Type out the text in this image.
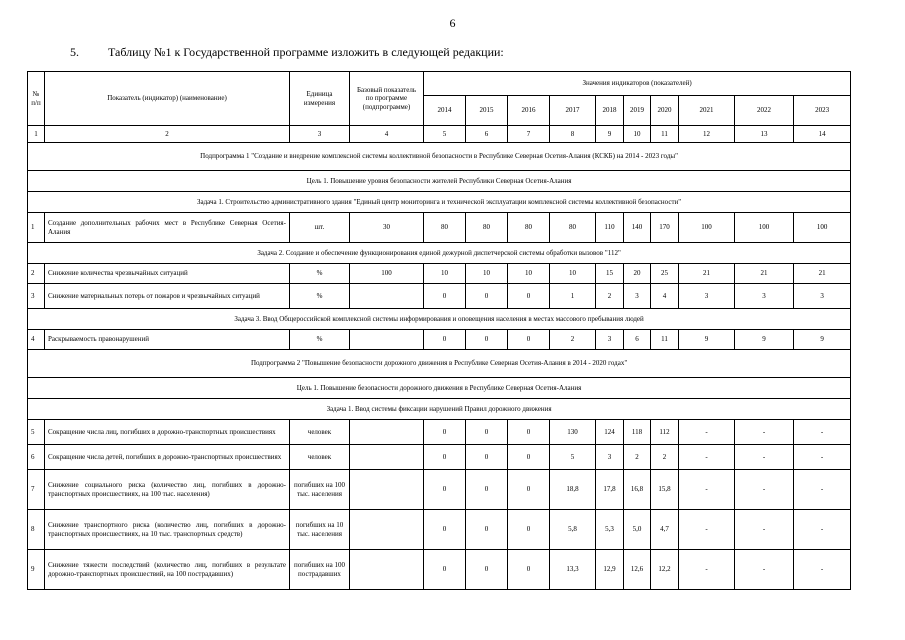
6
5. Таблицу №1 к Государственной программе изложить в следующей редакции:
№ п/п	Показатель (индикатор) (наименование)	Единица измерения	Базовый показатель по программе (подпрограмме)	Значения индикаторов (показателей)									
				2014	2015	2016	2017	2018	2019	2020	2021	2022	2023
1	2	3	4	5	6	7	8	9	10	11	12	13	14
Подпрограмма 1 "Создание и внедрение комплексной системы коллективной безопасности в Республике Северная Осетия-Алания (КСКБ) на 2014 - 2023 годы"													
Цель 1. Повышение уровня безопасности жителей Республики Северная Осетия-Алания													
Задача 1. Строительство административного здания "Единый центр мониторинга и технической эксплуатации комплексной системы коллективной безопасности"													
1	Создание дополнительных рабочих мест в Республике Северная Осетия-Алания	шт.	30	80	80	80	80	110	140	170	100	100	100
Задача 2. Создание и обеспечение функционирования единой дежурной диспетчерской системы обработки вызовов "112"													
2	Снижение количества чрезвычайных ситуаций	%	100	10	10	10	10	15	20	25	21	21	21
3	Снижение материальных потерь от пожаров и чрезвычайных ситуаций	%		0	0	0	1	2	3	4	3	3	3
Задача 3. Ввод Общероссийской комплексной системы информирования и оповещения населения в местах массового пребывания людей													
4	Раскрываемость правонарушений	%		0	0	0	2	3	6	11	9	9	9
Подпрограмма 2 "Повышение безопасности дорожного движения в Республике Северная Осетия-Алания в 2014 - 2020 годах"													
Цель 1. Повышение безопасности дорожного движения в Республике Северная Осетия-Алания													
Задача 1. Ввод системы фиксации нарушений Правил дорожного движения													
5	Сокращение числа лиц, погибших в дорожно-транспортных происшествиях	человек		0	0	0	130	124	118	112	-	-	-
6	Сокращение числа детей, погибших в дорожно-транспортных происшествиях	человек		0	0	0	5	3	2	2	-	-	-
7	Снижение социального риска (количество лиц, погибших в дорожно-транспортных происшествиях, на 100 тыс. населения)	погибших на 100 тыс. населения		0	0	0	18,8	17,8	16,8	15,8	-	-	-
8	Снижение транспортного риска (количество лиц, погибших в дорожно-транспортных происшествиях, на 10 тыс. транспортных средств)	погибших на 10 тыс. населения		0	0	0	5,8	5,3	5,0	4,7	-	-	-
9	Снижение тяжести последствий (количество лиц, погибших в результате дорожно-транспортных происшествий, на 100 пострадавших)	погибших на 100 пострадавших		0	0	0	13,3	12,9	12,6	12,2	-	-	-
